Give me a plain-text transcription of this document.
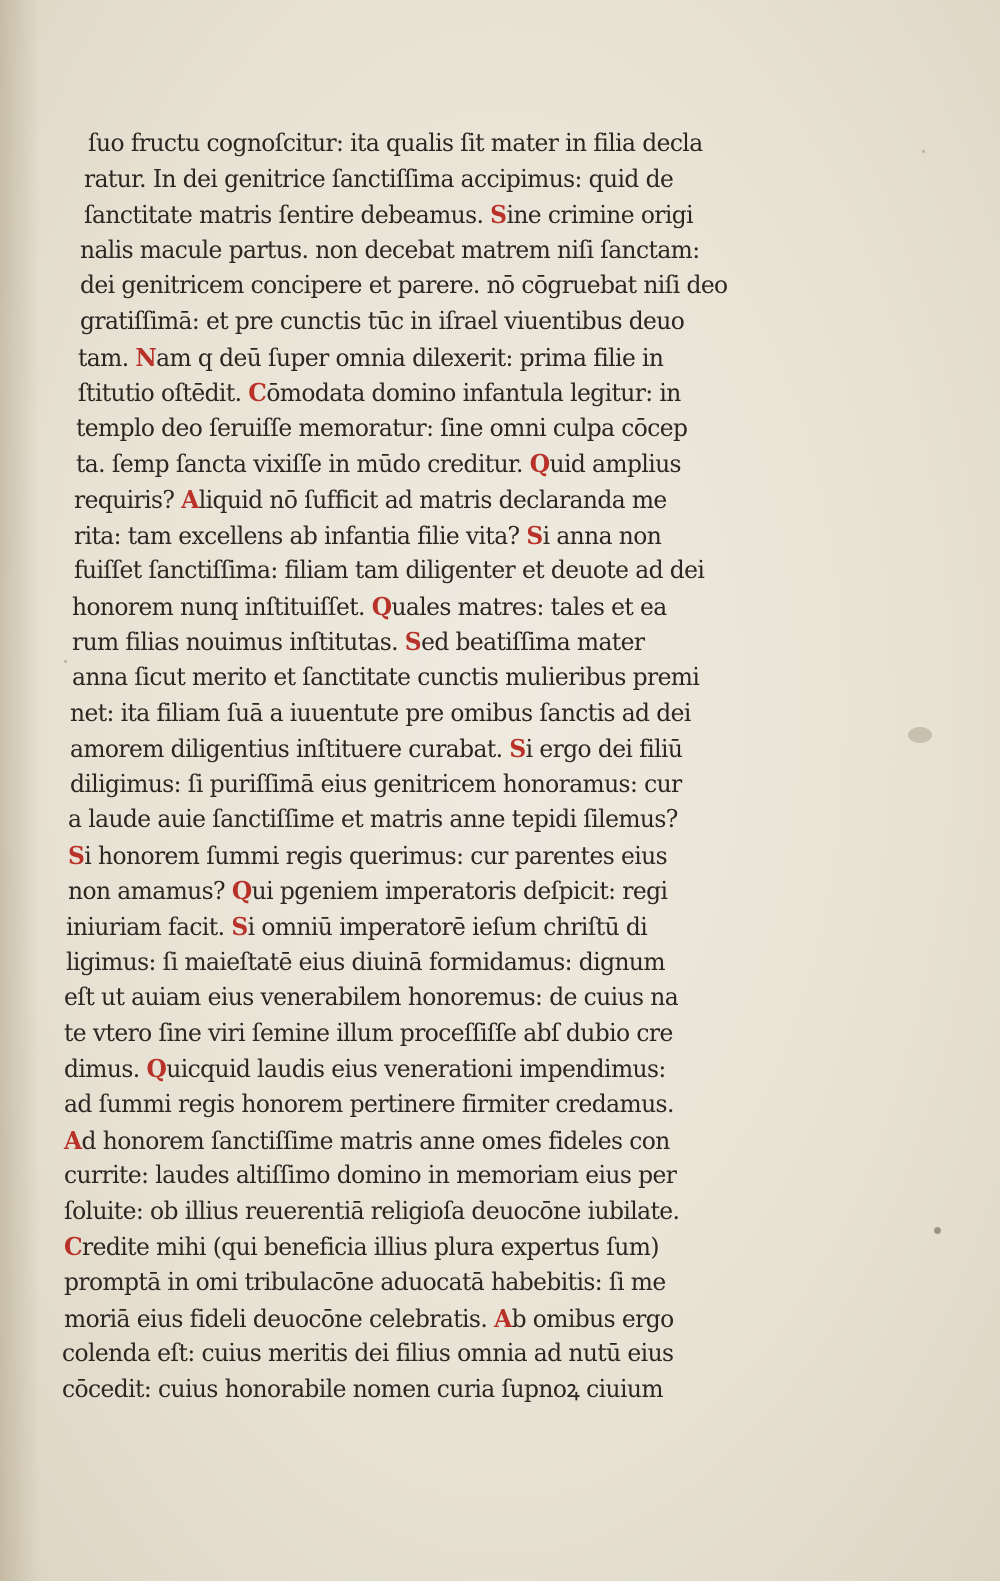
ſuo fructu cognoſcitur: ita qualis ſit mater in filia decla
ratur. In dei genitrice ſanctiſſima accipimus: quid de
ſanctitate matris ſentire debeamus. Sine crimine origi
nalis macule partus. non decebat matrem niſi ſanctam:
dei genitricem concipere et parere. nō cōgruebat niſi deo
gratiſſimā: et pre cunctis tūc in iſrael viuentibus deuo
tam. Nam q deū ſuper omnia dilexerit: prima filie in
ſtitutio oſtēdit. Cōmodata domino infantula legitur: in
templo deo ſeruiſſe memoratur: ſine omni culpa cōcep
ta. ſemp ſancta vixiſſe in mūdo creditur. Quid amplius
requiris? Aliquid nō ſufficit ad matris declaranda me
rita: tam excellens ab infantia filie vita? Si anna non
fuiſſet ſanctiſſima: filiam tam diligenter et deuote ad dei
honorem nunq inſtituiſſet. Quales matres: tales et ea
rum filias nouimus inſtitutas. Sed beatiſſima mater
anna ſicut merito et ſanctitate cunctis mulieribus premi
net: ita filiam ſuā a iuuentute pre omibus ſanctis ad dei
amorem diligentius inſtituere curabat. Si ergo dei filiū
diligimus: ſi puriſſimā eius genitricem honoramus: cur
a laude auie ſanctiſſime et matris anne tepidi ſilemus?
Si honorem ſummi regis querimus: cur parentes eius
non amamus? Qui pgeniem imperatoris deſpicit: regi
iniuriam facit. Si omniū imperatorē ieſum chriſtū di
ligimus: ſi maieſtatē eius diuinā formidamus: dignum
eſt ut auiam eius venerabilem honoremus: de cuius na
te vtero ſine viri ſemine illum proceſſiſſe abſ dubio cre
dimus. Quicquid laudis eius venerationi impendimus:
ad ſummi regis honorem pertinere firmiter credamus.
Ad honorem ſanctiſſime matris anne omes fideles con
currite: laudes altiſſimo domino in memoriam eius per
ſoluite: ob illius reuerentiā religioſa deuocōne iubilate.
Credite mihi (qui beneficia illius plura expertus ſum)
promptā in omi tribulacōne aduocatā habebitis: ſi me
moriā eius fideli deuocōne celebratis. Ab omibus ergo
colenda eſt: cuius meritis dei filius omnia ad nutū eius
cōcedit: cuius honorabile nomen curia ſupnoꝝ ciuium
